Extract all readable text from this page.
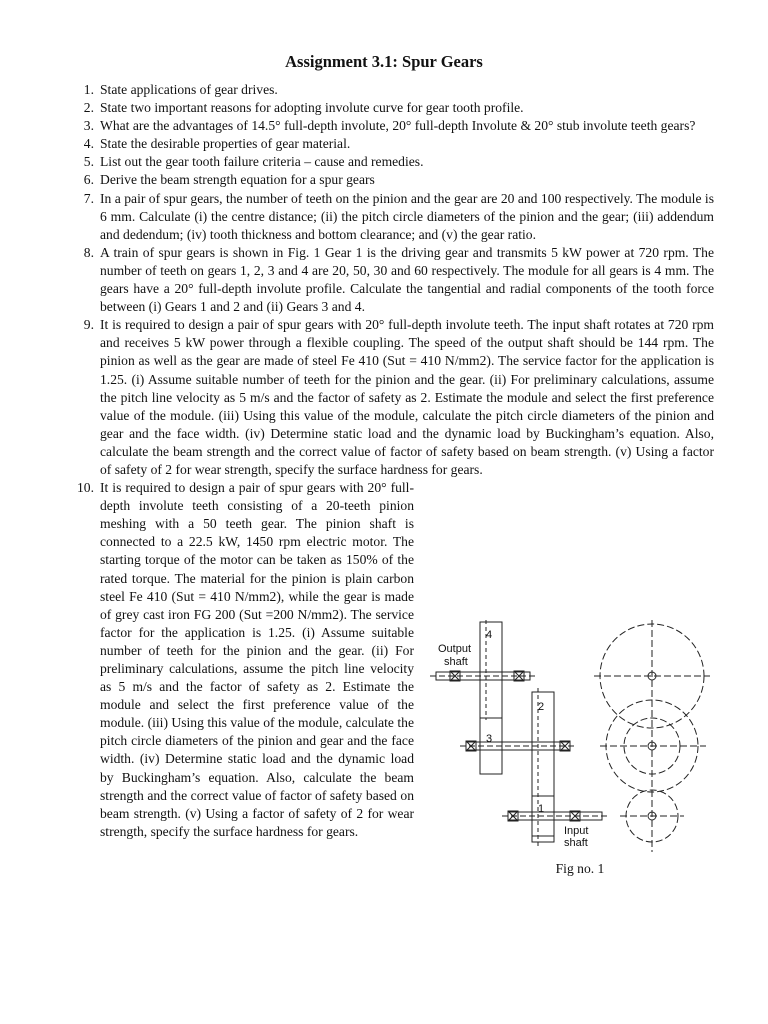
Assignment 3.1: Spur Gears
1. State applications of gear drives.
2. State two important reasons for adopting involute curve for gear tooth profile.
3. What are the advantages of 14.5° full-depth involute, 20° full-depth Involute & 20° stub involute teeth gears?
4. State the desirable properties of gear material.
5. List out the gear tooth failure criteria – cause and remedies.
6. Derive the beam strength equation for a spur gears
7. In a pair of spur gears, the number of teeth on the pinion and the gear are 20 and 100 respectively. The module is 6 mm. Calculate (i) the centre distance; (ii) the pitch circle diameters of the pinion and the gear; (iii) addendum and dedendum; (iv) tooth thickness and bottom clearance; and (v) the gear ratio.
8. A train of spur gears is shown in Fig. 1 Gear 1 is the driving gear and transmits 5 kW power at 720 rpm. The number of teeth on gears 1, 2, 3 and 4 are 20, 50, 30 and 60 respectively. The module for all gears is 4 mm. The gears have a 20° full-depth involute profile. Calculate the tangential and radial components of the tooth force between (i) Gears 1 and 2 and (ii) Gears 3 and 4.
9. It is required to design a pair of spur gears with 20° full-depth involute teeth. The input shaft rotates at 720 rpm and receives 5 kW power through a flexible coupling. The speed of the output shaft should be 144 rpm. The pinion as well as the gear are made of steel Fe 410 (Sut = 410 N/mm2). The service factor for the application is 1.25. (i) Assume suitable number of teeth for the pinion and the gear. (ii) For preliminary calculations, assume the pitch line velocity as 5 m/s and the factor of safety as 2. Estimate the module and select the first preference value of the module. (iii) Using this value of the module, calculate the pitch circle diameters of the pinion and gear and the face width. (iv) Determine static load and the dynamic load by Buckingham’s equation. Also, calculate the beam strength and the correct value of factor of safety based on beam strength. (v) Using a factor of safety of 2 for wear strength, specify the surface hardness for gears.
10. It is required to design a pair of spur gears with 20° full-depth involute teeth consisting of a 20-teeth pinion meshing with a 50 teeth gear. The pinion shaft is connected to a 22.5 kW, 1450 rpm electric motor. The starting torque of the motor can be taken as 150% of the rated torque. The material for the pinion is plain carbon steel Fe 410 (Sut = 410 N/mm2), while the gear is made of grey cast iron FG 200 (Sut =200 N/mm2). The service factor for the application is 1.25. (i) Assume suitable number of teeth for the pinion and the gear. (ii) For preliminary calculations, assume the pitch line velocity as 5 m/s and the factor of safety as 2. Estimate the module and select the first preference value of the module. (iii) Using this value of the module, calculate the pitch circle diameters of the pinion and gear and the face width. (iv) Determine static load and the dynamic load by Buckingham’s equation. Also, calculate the beam strength and the correct value of factor of safety based on beam strength. (v) Using a factor of safety of 2 for wear strength, specify the surface hardness for gears.
Output
shaft
4
2
3
1
Input
shaft
Fig no. 1
